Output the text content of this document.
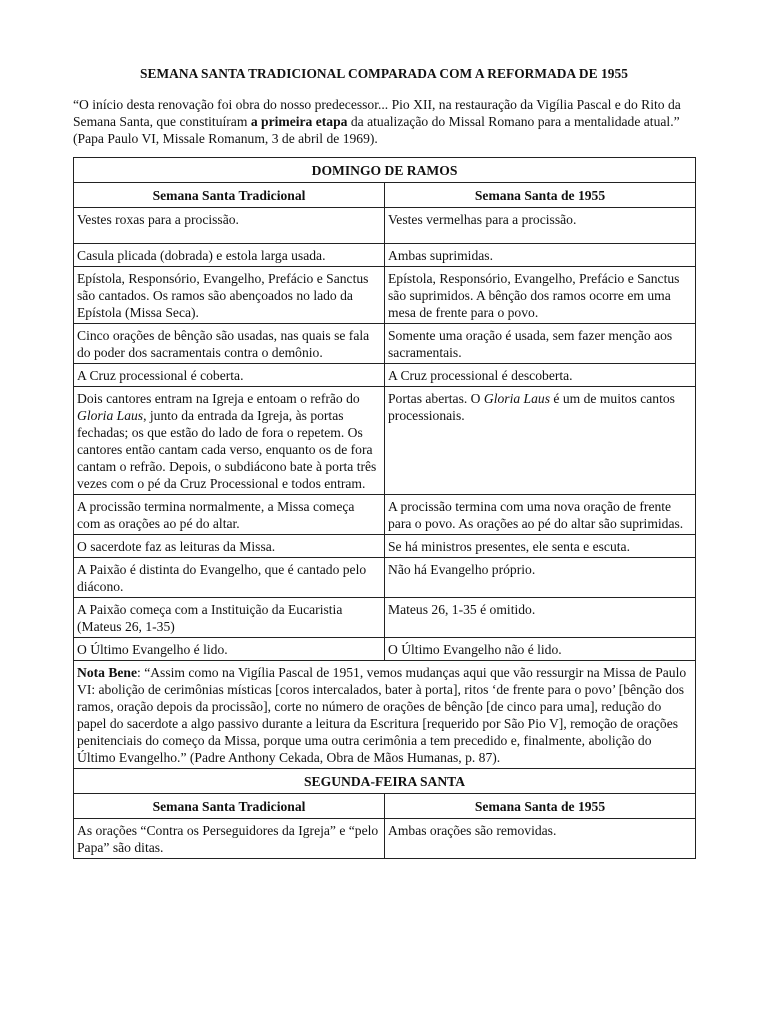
SEMANA SANTA TRADICIONAL COMPARADA COM A REFORMADA DE 1955

“O início desta renovação foi obra do nosso predecessor... Pio XII, na restauração da Vigília Pascal e do Rito da Semana Santa, que constituíram a primeira etapa da atualização do Missal Romano para a mentalidade atual.” (Papa Paulo VI, Missale Romanum, 3 de abril de 1969).

DOMINGO DE RAMOS	
Semana Santa Tradicional	Semana Santa de 1955
Vestes roxas para a procissão.	Vestes vermelhas para a procissão.
Casula plicada (dobrada) e estola larga usada.	Ambas suprimidas.
Epístola, Responsório, Evangelho, Prefácio e Sanctus são cantados. Os ramos são abençoados no lado da Epístola (Missa Seca).	Epístola, Responsório, Evangelho, Prefácio e Sanctus são suprimidos. A bênção dos ramos ocorre em uma mesa de frente para o povo.
Cinco orações de bênção são usadas, nas quais se fala do poder dos sacramentais contra o demônio.	Somente uma oração é usada, sem fazer menção aos sacramentais.
A Cruz processional é coberta.	A Cruz processional é descoberta.
Dois cantores entram na Igreja e entoam o refrão do Gloria Laus, junto da entrada da Igreja, às portas fechadas; os que estão do lado de fora o repetem. Os cantores então cantam cada verso, enquanto os de fora cantam o refrão. Depois, o subdiácono bate à porta três vezes com o pé da Cruz Processional e todos entram.	Portas abertas. O Gloria Laus é um de muitos cantos processionais.
A procissão termina normalmente, a Missa começa com as orações ao pé do altar.	A procissão termina com uma nova oração de frente para o povo. As orações ao pé do altar são suprimidas.
O sacerdote faz as leituras da Missa.	Se há ministros presentes, ele senta e escuta.
A Paixão é distinta do Evangelho, que é cantado pelo diácono.	Não há Evangelho próprio.
A Paixão começa com a Instituição da Eucaristia (Mateus 26, 1-35)	Mateus 26, 1-35 é omitido.
O Último Evangelho é lido.	O Último Evangelho não é lido.
Nota Bene: “Assim como na Vigília Pascal de 1951, vemos mudanças aqui que vão ressurgir na Missa de Paulo VI: abolição de cerimônias místicas [coros intercalados, bater à porta], ritos ‘de frente para o povo’ [bênção dos ramos, oração depois da procissão], corte no número de orações de bênção [de cinco para uma], redução do papel do sacerdote a algo passivo durante a leitura da Escritura [requerido por São Pio V], remoção de orações penitenciais do começo da Missa, porque uma outra cerimônia a tem precedido e, finalmente, abolição do Último Evangelho.” (Padre Anthony Cekada, Obra de Mãos Humanas, p. 87).	
SEGUNDA-FEIRA SANTA	
Semana Santa Tradicional	Semana Santa de 1955
As orações “Contra os Perseguidores da Igreja” e “pelo Papa” são ditas.	Ambas orações são removidas.
